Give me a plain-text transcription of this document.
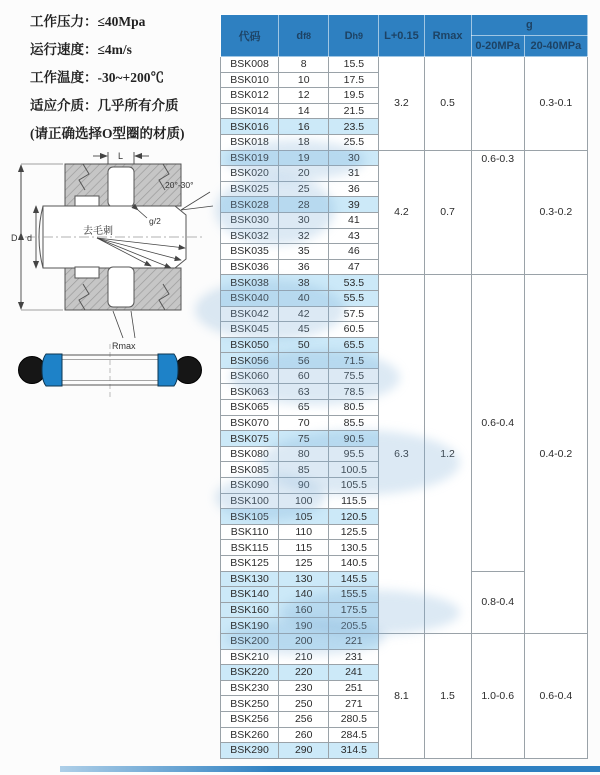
工作压力：≤40Mpa
运行速度：≤4m/s
工作温度：-30~+200℃
适应介质：几乎所有介质
(请正确选择O型圈的材质)
L
D d
20°-30°
g/2
去毛刺
Rmax
代码	df8	Dh9	L+0.15	Rmax	g	
					0-20MPa	20-40MPa
BSK008	8	15.5	3.2	0.5		0.3-0.1
BSK010	10	17.5				
BSK012	12	19.5				
BSK014	14	21.5				
BSK016	16	23.5				
BSK018	18	25.5				
BSK019	19	30	4.2	0.7	0.6-0.3	0.3-0.2
BSK020	20	31				
BSK025	25	36				
BSK028	28	39				
BSK030	30	41				
BSK032	32	43				
BSK035	35	46				
BSK036	36	47				
BSK038	38	53.5	6.3	1.2	0.6-0.4	0.4-0.2
BSK040	40	55.5				
BSK042	42	57.5				
BSK045	45	60.5				
BSK050	50	65.5				
BSK056	56	71.5				
BSK060	60	75.5				
BSK063	63	78.5				
BSK065	65	80.5				
BSK070	70	85.5				
BSK075	75	90.5				
BSK080	80	95.5				
BSK085	85	100.5				
BSK090	90	105.5				
BSK100	100	115.5				
BSK105	105	120.5				
BSK110	110	125.5				
BSK115	115	130.5				
BSK125	125	140.5				
BSK130	130	145.5			0.8-0.4	
BSK140	140	155.5				
BSK160	160	175.5				
BSK190	190	205.5				
BSK200	200	221	8.1	1.5	1.0-0.6	0.6-0.4
BSK210	210	231				
BSK220	220	241				
BSK230	230	251				
BSK250	250	271				
BSK256	256	280.5				
BSK260	260	284.5				
BSK290	290	314.5				
